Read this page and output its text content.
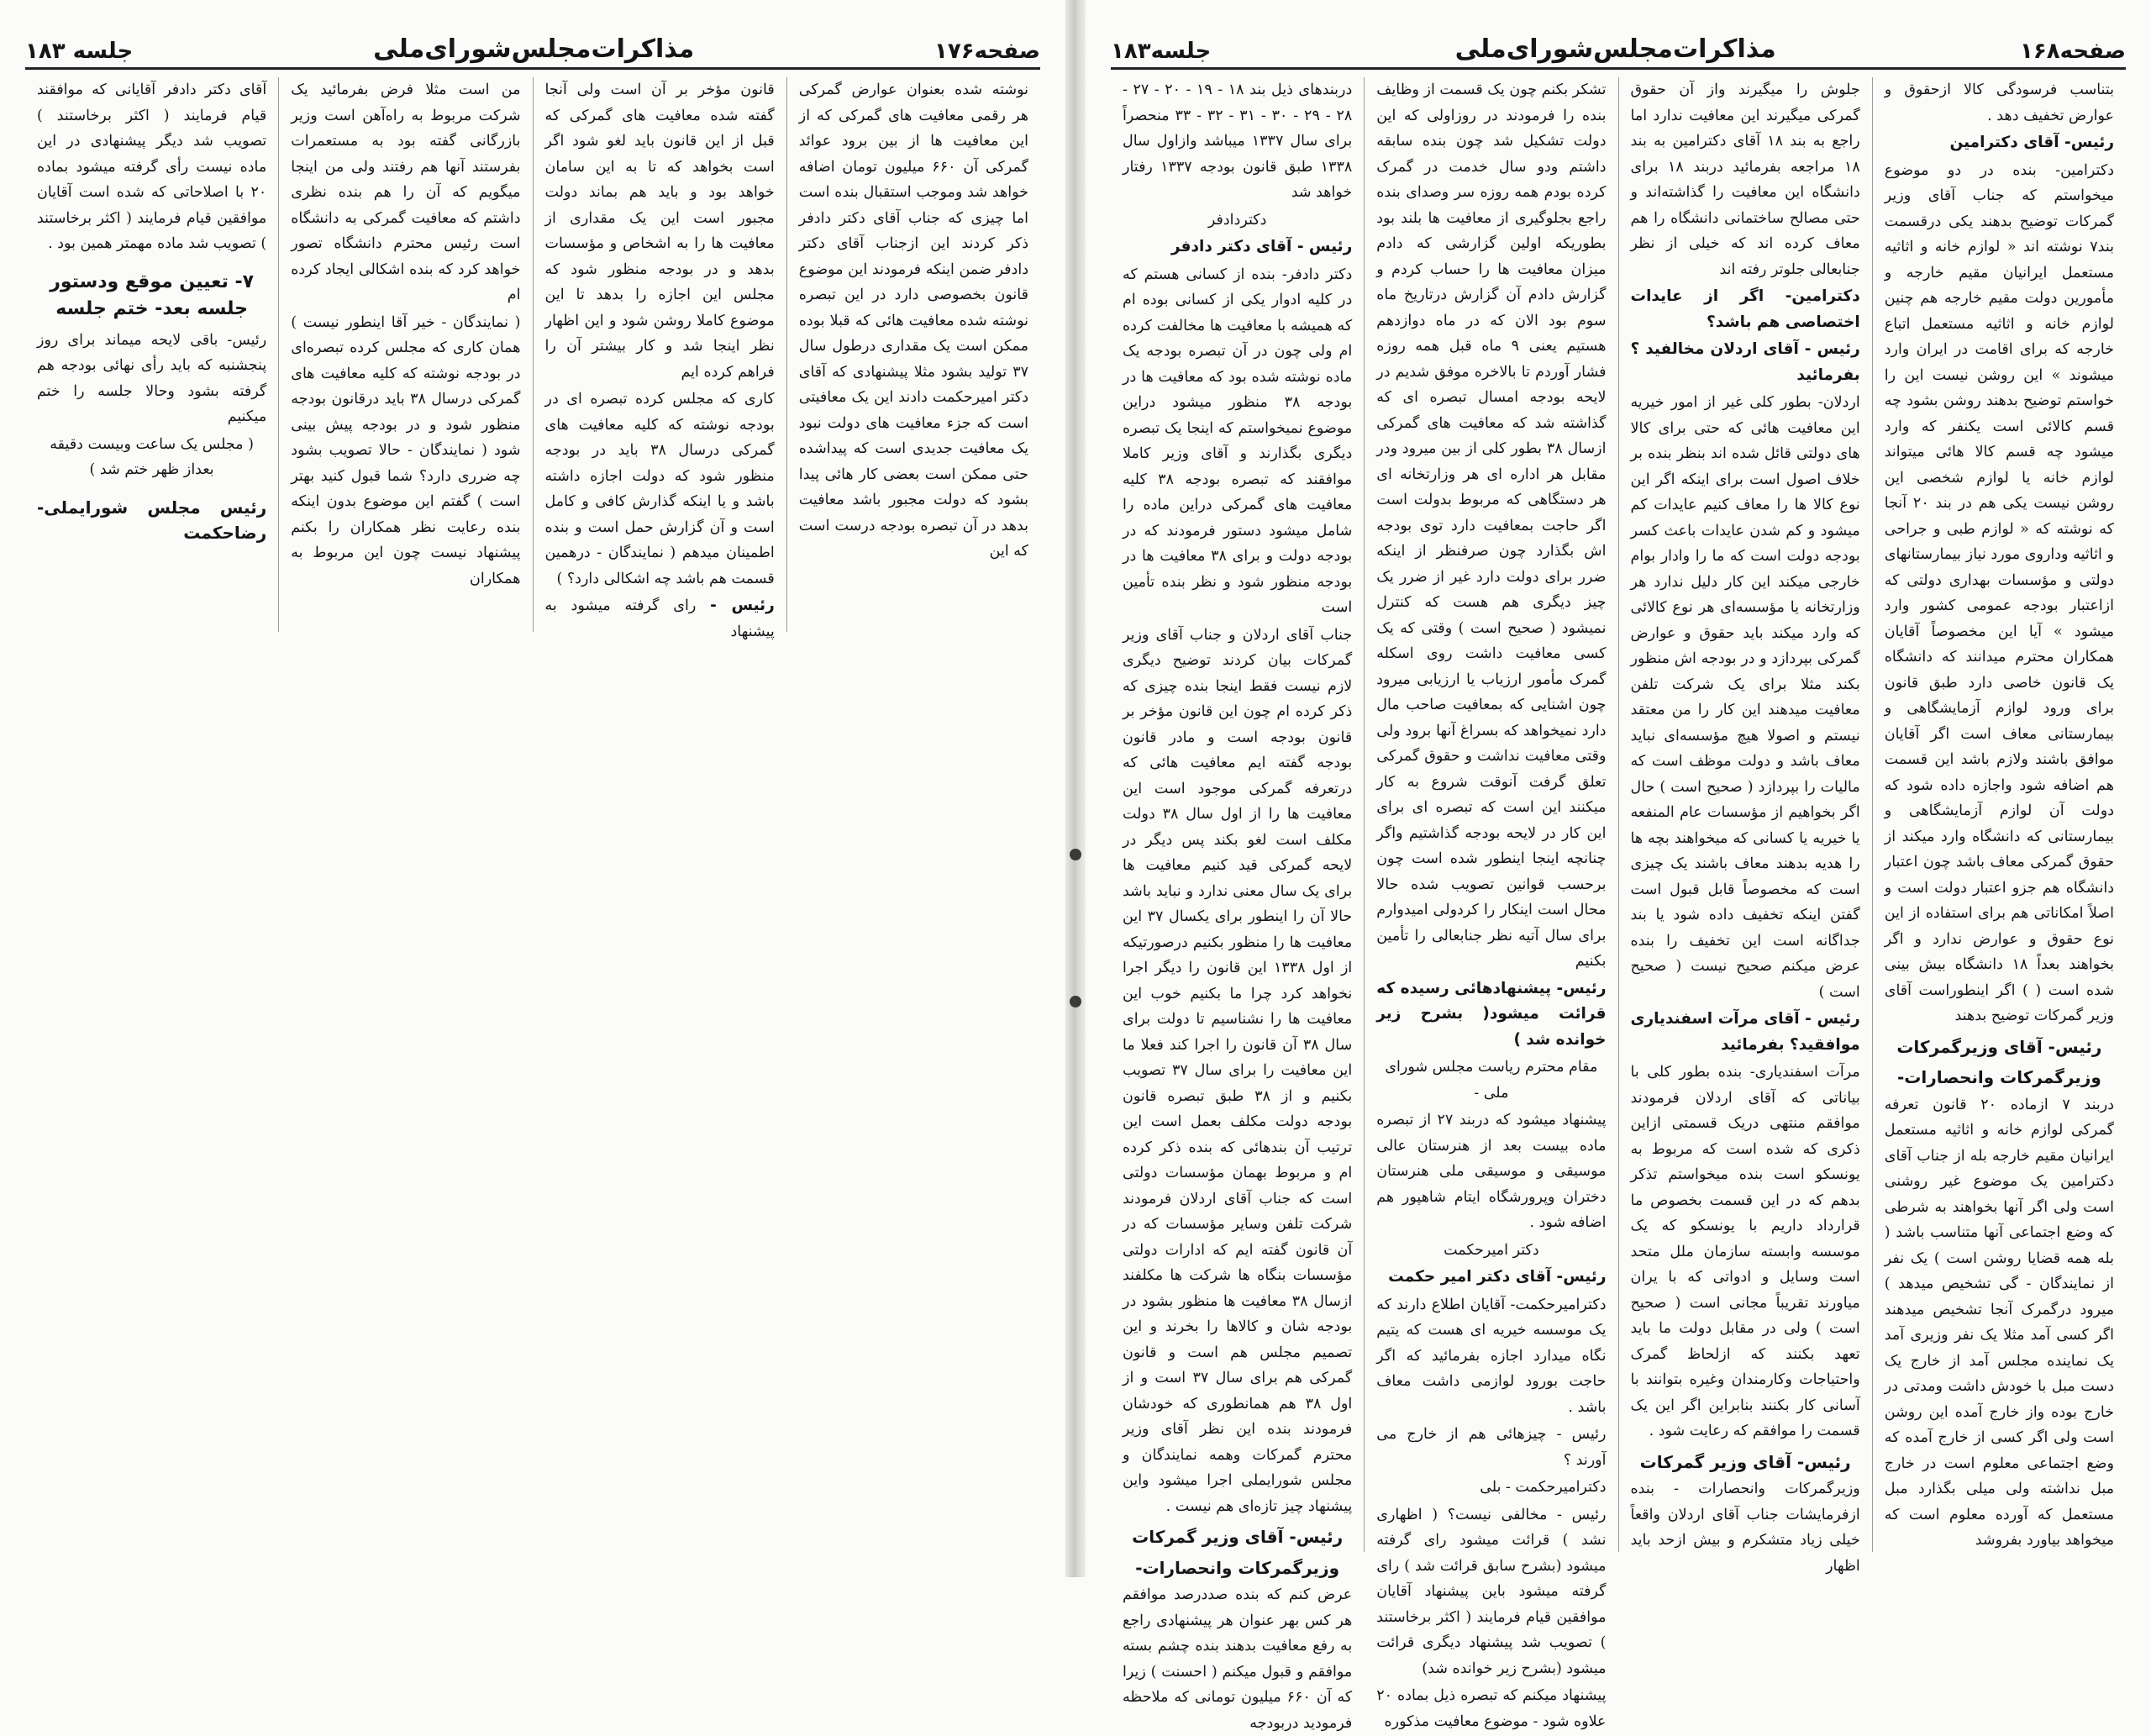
صفحه۱۷۶
مذاکرات‌مجلس‌شورای‌ملی
جلسه ۱۸۳

نوشته شده بعنوان عوارض گمرکی هر رقمی معافیت های گمرکی که از این معافیت ها از بین برود عوائد گمرکی آن ۶۶۰ میلیون تومان اضافه خواهد شد وموجب استقبال بنده است اما چیزی که جناب آقای دکتر دادفر ذکر کردند این ازجناب آقای دکتر دادفر ضمن اینکه فرمودند این موضوع قانون بخصوصی دارد در این تبصره نوشته شده معافیت هائی که قبلا بوده ممکن است یک مقداری درطول سال ۳۷ تولید بشود مثلا پیشنهادی که آقای دکتر امیرحکمت دادند این یک معافیتی است که جزء معافیت های دولت نبود یک معافیت جدیدی است که پیداشده حتی ممکن است بعضی کار هائی پیدا بشود که دولت مجبور باشد معافیت بدهد در آن تبصره بودجه درست است که این

قانون مؤخر بر آن است ولی آنجا گفته شده معافیت های گمرکی که قبل از این قانون باید لغو شود اگر است بخواهد که تا به این سامان خواهد بود و باید هم بماند دولت مجبور است این یک مقداری از معافیت ها را به اشخاص و مؤسسات بدهد و در بودجه منظور شود که مجلس این اجازه را بدهد تا این موضوع کاملا روشن شود و این اظهار نظر اینجا شد و کار بیشتر آن را فراهم کرده ایم

کاری که مجلس کرده تبصره ای در بودجه نوشته که کلیه معافیت های گمرکی درسال ۳۸ باید در بودجه منظور شود که دولت اجازه داشته باشد و یا اینکه گذارش کافی و کامل است و آن گزارش حمل است و بنده اطمینان میدهم ( نمایندگان - درهمین قسمت هم باشد چه اشکالی دارد؟ )

رئیس - رای گرفته میشود به پیشنهاد

من است مثلا فرض بفرمائید یک شرکت مربوط به راه‌آهن است وزیر بازرگانی گفته بود به مستعمرات بفرستند آنها هم رفتند ولی من اینجا میگویم که آن را هم بنده ‌نظری داشتم که معافیت گمرکی به دانشگاه است رئیس محترم دانشگاه تصور خواهد کرد که بنده اشکالی ایجاد کرده ام

( نمایندگان - خیر آقا اینطور نیست ) همان کاری که مجلس کرده تبصره‌ای در بودجه نوشته که کلیه معافیت های گمرکی درسال ۳۸ باید درقانون بودجه منظور شود و در بودجه پیش بینی شود ( نمایندگان - حالا تصویب بشود چه ضرری دارد؟ شما قبول کنید بهتر است ) گفتم این موضوع بدون اینکه بنده رعایت نظر همکاران را بکنم پیشنهاد نیست چون این مربوط به همکاران

آقای دکتر دادفر آقایانی که موافقند قیام فرمایند ( اکثر برخاستند ) تصویب شد دیگر پیشنهادی در این ماده نیست رأی گرفته میشود بماده ۲۰ با اصلاحاتی که شده است آقایان موافقین قیام فرمایند ( اکثر برخاستند ) تصویب شد ماده مهمتر همین بود .

۷- تعیین موقع ودستور جلسه بعد- ختم جلسه

رئیس- باقی لایحه میماند برای روز پنجشنبه که باید رأی نهائی بودجه هم گرفته بشود وحالا جلسه را ختم میکنیم

( مجلس یک ساعت وبیست دقیقه بعداز ظهر ختم شد )

رئیس مجلس شورایملی-رضاحکمت
صفحه۱۶۸
مذاکرات‌مجلس‌شورای‌ملی
جلسه۱۸۳

بتناسب فرسودگی کالا ازحقوق و عوارض تخفیف دهد .

رئیس- آقای دکترامین

دکترامین- بنده در دو موضوع میخواستم که جناب آقای وزیر گمرکات توضیح بدهند یکی درقسمت بند۷ نوشته اند « لوازم خانه و اثاثیه مستعمل ایرانیان مقیم خارجه و مأمورین دولت مقیم خارجه هم چنین لوازم خانه و اثاثیه مستعمل اتباع خارجه که برای اقامت در ایران وارد میشوند » این روشن نیست این را خواستم توضیح بدهند روشن بشود چه قسم کالائی است یکنفر که وارد میشود چه قسم کالا هائی میتواند لوازم خانه یا لوازم شخصی این روشن نیست یکی هم در بند ۲۰ آنجا که نوشته که « لوازم طبی و جراحی و اثاثیه وداروی مورد نیاز بیمارستانهای دولتی و مؤسسات بهداری دولتی که ازاعتبار بودجه عمومی کشور وارد میشود » آیا این مخصوصاً آقایان همکاران محترم میدانند که دانشگاه یک قانون خاصی دارد طبق قانون برای ورود لوازم آزمایشگاهی و بیمارستانی معاف است اگر آقایان موافق باشند ولازم باشد این قسمت هم اضافه شود واجازه داده شود که دولت آن لوازم آزمایشگاهی و بیمارستانی که دانشگاه وارد میکند از حقوق گمرکی معاف باشد چون اعتبار دانشگاه هم جزو اعتبار دولت است و اصلاً امکاناتی هم برای استفاده از این نوع حقوق و عوارض ندارد و اگر بخواهند بعداً ۱۸ دانشگاه بیش بینی شده است ( ) اگر اینطوراست آقای وزیر گمرکات توضیح بدهند

رئیس- آقای وزیرگمرکات
وزیرگمرکات وانحصارات-

دربند ۷ ازماده ۲۰ قانون تعرفه گمرکی لوازم خانه و اثاثیه مستعمل ایرانیان مقیم خارجه بله از جناب آقای دکترامین یک موضوع غیر روشنی است ولی اگر آنها بخواهند به شرطی که وضع اجتماعی آنها متناسب باشد ( بله همه قضایا روشن است ) یک نفر از نمایندگان - گی تشخیص میدهد ) میرود درگمرک آنجا تشخیص میدهند اگر کسی آمد مثلا یک نفر وزیری آمد یک نماینده مجلس آمد از خارج یک دست مبل با خودش داشت ومدتی در خارج بوده واز خارج آمده این روشن است ولی اگر کسی از خارج آمده که وضع اجتماعی معلوم است در خارج مبل نداشته ولی میلی بگذارد مبل مستعمل که آورده معلوم است که میخواهد بیاورد بفروشد

جلوش را میگیرند واز آن حقوق گمرکی میگیرند این معافیت ندارد اما راجع به بند ۱۸ آقای دکترامین به بند ۱۸ مراجعه بفرمائید دربند ۱۸ برای دانشگاه این معافیت را گذاشته‌اند و حتی مصالح ساختمانی دانشگاه را هم معاف کرده اند که خیلی از نظر جنابعالی جلوتر رفته اند

دکترامین- اگر از عایدات اختصاصی هم باشد؟

رئیس - آقای اردلان مخالفید ؟ بفرمائید

اردلان- بطور کلی غیر از امور خیریه این معافیت هائی که حتی برای کالا های دولتی قائل شده اند بنظر بنده بر خلاف اصول است برای اینکه اگر این نوع کالا ها را معاف کنیم عایدات کم میشود و کم شدن عایدات باعث کسر بودجه دولت است که ما را وادار بوام خارجی میکند این کار دلیل ندارد هر وزارتخانه یا مؤسسه‌ای هر نوع کالائی که وارد میکند باید حقوق و عوارض گمرکی بپردازد و در بودجه اش منظور بکند مثلا برای یک شرکت تلفن معافیت میدهند این کار را من معتقد نیستم و اصولا هیچ مؤسسه‌ای نباید معاف باشد و دولت موظف است که مالیات را بپردازد ( صحیح است ) حال اگر بخواهیم از مؤسسات عام المنفعه یا خیریه یا کسانی که میخواهند بچه ها را هدیه بدهند معاف باشند یک چیزی است که مخصوصاً قابل قبول است گفتن اینکه تخفیف داده شود یا بند جداگانه است این تخفیف را بنده عرض میکنم صحیح نیست ( صحیح است )

رئیس - آقای مرآت اسفندیاری موافقید؟ بفرمائید

مرآت اسفندیاری- بنده بطور کلی با بیاناتی که آقای اردلان فرمودند موافقم منتهی دریک قسمتی ازاین ذکری که شده است که مربوط به یونسکو است بنده میخواستم تذکر بدهم که در این قسمت بخصوص ما قرارداد داریم با یونسکو که یک موسسه وابسته سازمان ملل متحد است وسایل و ادواتی که با یران میاورند تقریباً مجانی است ( صحیح است ) ولی در مقابل دولت ما باید تعهد بکنند که ازلحاظ گمرک واحتیاجات وکارمندان وغیره بتوانند با آسانی کار بکنند بنابراین اگر این یک قسمت را موافقم که رعایت شود .

رئیس- آقای وزیر گمرکات

وزیرگمرکات وانحصارات - بنده ازفرمایشات جناب آقای اردلان واقعاً خیلی زیاد متشکرم و بیش ازحد باید اظهار

تشکر بکنم چون یک قسمت از وظایف بنده را فرمودند در روزاولی که این دولت تشکیل شد چون بنده سابقه داشتم ودو سال خدمت در گمرک کرده بودم همه روزه سر وصدای بنده راجع بجلوگیری از معافیت ها بلند بود بطوریکه اولین گزارشی که دادم میزان معافیت ها را حساب کردم و گزارش دادم آن گزارش درتاریخ ماه سوم بود الان که در ماه دوازدهم هستیم یعنی ۹ ماه قبل همه روزه فشار آوردم تا بالاخره موفق شدیم در لایحه بودجه امسال تبصره ای که گذاشته شد که معافیت های گمرکی ازسال ۳۸ بطور کلی از بین میرود ودر مقابل هر اداره ای هر وزارتخانه ای هر دستگاهی که مربوط بدولت است اگر حاجت بمعافیت دارد توی بودجه اش بگذارد چون صرفنظر از اینکه ضرر برای دولت دارد غیر از ضرر یک چیز دیگری هم هست که کنترل نمیشود ( صحیح است ) وقتی که یک کسی معافیت داشت روی اسکله گمرک مأمور ارزیاب یا ارزیابی میرود چون اشنایی که بمعافیت صاحب مال دارد نمیخواهد که بسراغ آنها برود ولی وقتی معافیت نداشت و حقوق گمرکی تعلق گرفت آنوقت شروع به کار میکنند این است که تبصره ای برای این کار در لایحه بودجه گذاشتیم واگر چنانچه اینجا اینطور شده است چون برحسب قوانین تصویب شده حالا محال است اینکار را کردولی امیدوارم برای سال آتیه نظر جنابعالی را تأمین بکنیم

رئیس- پیشنهادهائی رسیده که قرائت میشود( بشرح زیر خوانده شد )

مقام محترم ریاست مجلس شورای ملی -

پیشنهاد میشود که دربند ۲۷ از تبصره ماده بیست بعد از هنرستان عالی موسیقی و موسیقی ملی هنرستان دختران وپرورشگاه ایتام شاهپور هم اضافه شود .

دکتر امیرحکمت

رئیس- آقای دکتر امیر حکمت

دکترامیرحکمت- آقایان اطلاع دارند که یک موسسه خیریه ای هست که یتیم نگاه میدارد اجازه بفرمائید که اگر حاجت بورود لوازمی داشت معاف باشد .

رئیس - چیزهائی هم از خارج می آورند ؟

دکترامیرحکمت - بلی

رئیس - مخالفی نیست؟ ( اظهاری نشد ) قرائت میشود رای گرفته میشود (بشرح سابق قرائت شد ) رای گرفته میشود باین پیشنهاد آقایان موافقین قیام فرمایند ( اکثر برخاستند ) تصویب شد پیشنهاد دیگری قرائت میشود (بشرح زیر خوانده شد)

پیشنهاد میکنم که تبصره ذیل بماده ۲۰ علاوه شود - موضوع معافیت مذکوره

دربندهای ذیل بند ۱۸ - ۱۹ - ۲۰ - ۲۷ - ۲۸ - ۲۹ - ۳۰ - ۳۱ - ۳۲ - ۳۳ منحصراً برای سال ۱۳۳۷ میباشد وازاول سال ۱۳۳۸ طبق قانون بودجه ۱۳۳۷ رفتار خواهد شد

دکتردادفر

رئیس - آقای دکتر دادفر

دکتر دادفر- بنده از کسانی هستم که در کلیه ادوار یکی از کسانی بوده ام که همیشه با معافیت ها مخالفت کرده ام ولی چون در آن تبصره بودجه یک ماده نوشته شده بود که معافیت ها در بودجه ۳۸ منظور میشود دراین موضوع نمیخواستم که اینجا یک تبصره دیگری بگذارند و آقای وزیر کاملا موافقند که تبصره بودجه ۳۸ کلیه معافیت های گمرکی دراین ماده را شامل میشود دستور فرمودند که در بودجه دولت و برای ۳۸ معافیت ها در بودجه منظور شود و نظر بنده تأمین است

جناب آقای اردلان و جناب آقای وزیر گمرکات بیان کردند توضیح دیگری لازم نیست فقط اینجا بنده چیزی که ذکر کرده ام چون این قانون مؤخر بر قانون بودجه است و مادر قانون بودجه گفته ایم معافیت هائی که درتعرفه گمرکی موجود است این معافیت ها را از اول سال ۳۸ دولت مکلف است لغو بکند پس دیگر در لایحه گمرکی قید کنیم معافیت ها برای یک سال معنی ندارد و نباید باشد حالا آن را اینطور برای یکسال ۳۷ این معافیت ها را منظور بکنیم درصورتیکه از اول ۱۳۳۸ این قانون را دیگر اجرا نخواهد کرد چرا ما بکنیم خوب این معافیت ها را نشناسیم تا دولت برای سال ۳۸ آن قانون را اجرا کند فعلا ما این معافیت را برای سال ۳۷ تصویب بکنیم و از ۳۸ طبق تبصره قانون بودجه دولت مکلف بعمل است این ترتیب آن بندهائی که بنده ذکر کرده ام و مربوط بهمان مؤسسات دولتی است که جناب آقای اردلان فرمودند شرکت تلفن وسایر مؤسسات که در آن قانون گفته ایم که ادارات دولتی مؤسسات بنگاه ها شرکت ها مکلفند ازسال ۳۸ معافیت ها منظور بشود در بودجه شان و کالاها را بخرند و این تصمیم مجلس هم است و قانون گمرکی هم برای سال ۳۷ است و از اول ۳۸ هم همانطوری که خودشان فرمودند بنده این نظر آقای وزیر محترم گمرکات وهمه نمایندگان و مجلس شورایملی اجرا میشود واین پیشنهاد چیز تازه‌ای هم نیست .

رئیس- آقای وزیر گمرکات
وزیرگمرکات وانحصارات-

عرض کنم که بنده صددرصد موافقم هر کس بهر عنوان هر پیشنهادی راجع به رفع معافیت بدهند بنده چشم بسته موافقم و قبول میکنم ( احسنت ) زیرا که آن ۶۶۰ میلیون تومانی که ملاحظه فرمودید دربودجه
